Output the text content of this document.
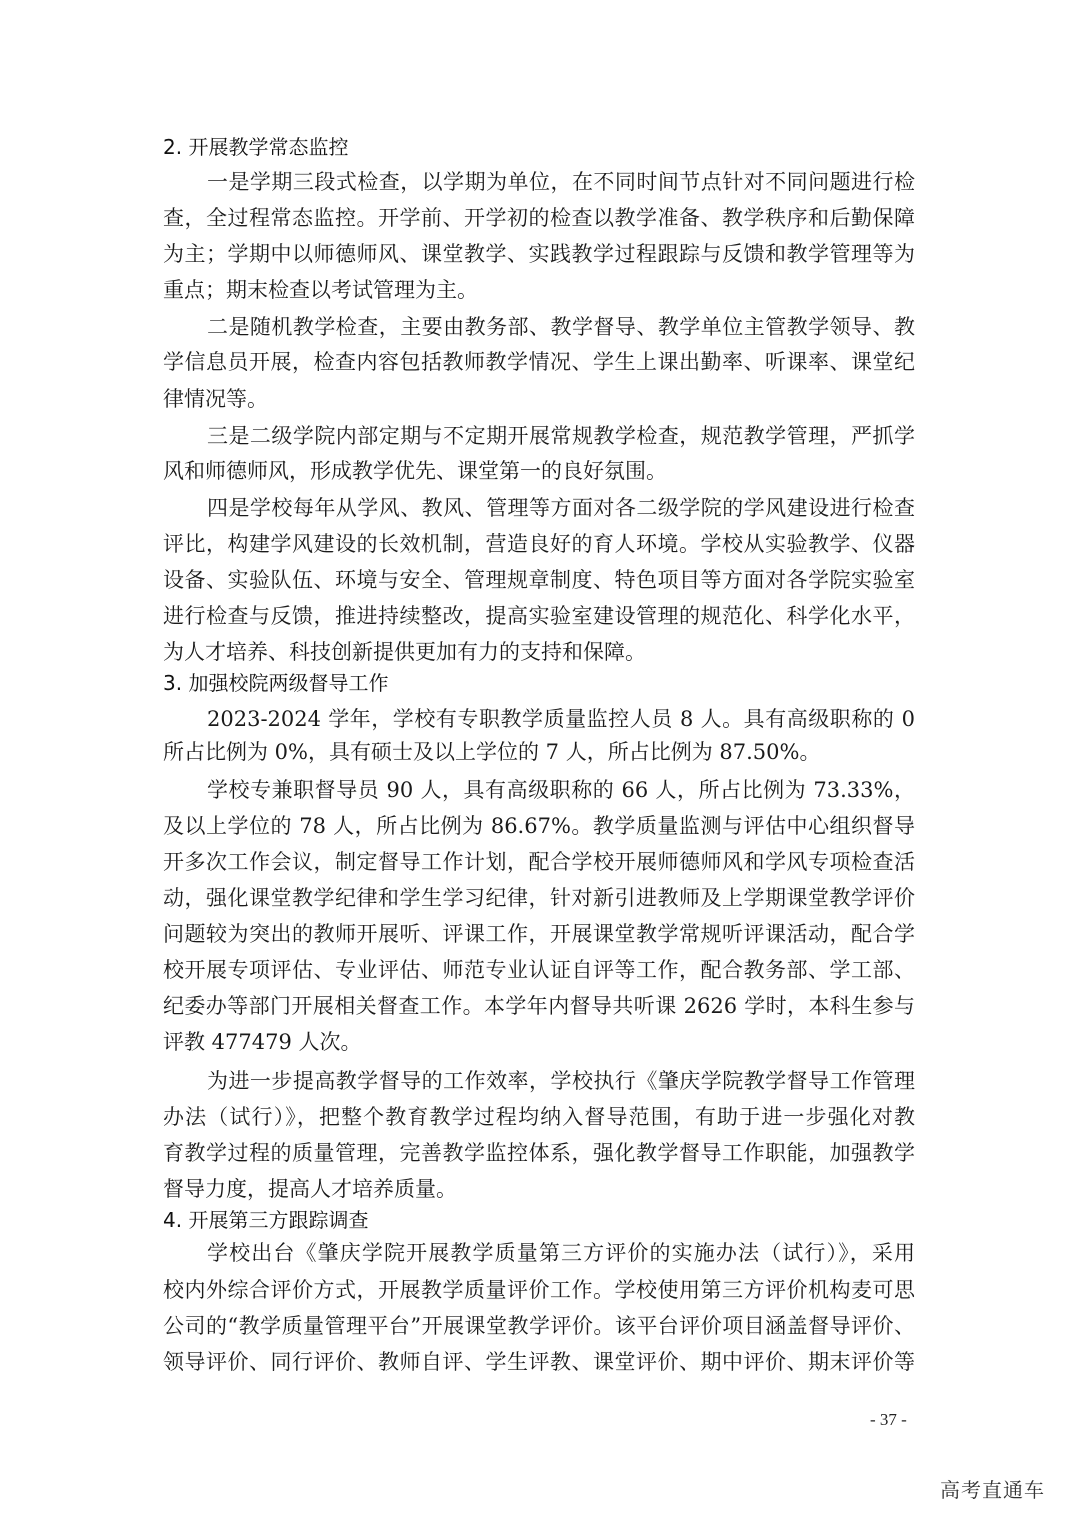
2. 开展教学常态监控
一是学期三段式检查，以学期为单位，在不同时间节点针对不同问题进行检
查，全过程常态监控。开学前、开学初的检查以教学准备、教学秩序和后勤保障
为主；学期中以师德师风、课堂教学、实践教学过程跟踪与反馈和教学管理等为
重点；期末检查以考试管理为主。
二是随机教学检查，主要由教务部、教学督导、教学单位主管教学领导、教
学信息员开展，检查内容包括教师教学情况、学生上课出勤率、听课率、课堂纪
律情况等。
三是二级学院内部定期与不定期开展常规教学检查，规范教学管理，严抓学
风和师德师风，形成教学优先、课堂第一的良好氛围。
四是学校每年从学风、教风、管理等方面对各二级学院的学风建设进行检查
评比，构建学风建设的长效机制，营造良好的育人环境。学校从实验教学、仪器
设备、实验队伍、环境与安全、管理规章制度、特色项目等方面对各学院实验室
进行检查与反馈，推进持续整改，提高实验室建设管理的规范化、科学化水平，
为人才培养、科技创新提供更加有力的支持和保障。
3. 加强校院两级督导工作
2023-2024 学年，学校有专职教学质量监控人员 8 人。具有高级职称的 0
所占比例为 0%，具有硕士及以上学位的 7 人，所占比例为 87.50%。
学校专兼职督导员 90 人，具有高级职称的 66 人，所占比例为 73.33%，
及以上学位的 78 人，所占比例为 86.67%。教学质量监测与评估中心组织督导
开多次工作会议，制定督导工作计划，配合学校开展师德师风和学风专项检查活
动，强化课堂教学纪律和学生学习纪律，针对新引进教师及上学期课堂教学评价
问题较为突出的教师开展听、评课工作，开展课堂教学常规听评课活动，配合学
校开展专项评估、专业评估、师范专业认证自评等工作，配合教务部、学工部、
纪委办等部门开展相关督查工作。本学年内督导共听课 2626 学时，本科生参与
评教 477479 人次。
为进一步提高教学督导的工作效率，学校执行《肇庆学院教学督导工作管理
办法（试行）》，把整个教育教学过程均纳入督导范围，有助于进一步强化对教
育教学过程的质量管理，完善教学监控体系，强化教学督导工作职能，加强教学
督导力度，提高人才培养质量。
4. 开展第三方跟踪调查
学校出台《肇庆学院开展教学质量第三方评价的实施办法（试行）》，采用
校内外综合评价方式，开展教学质量评价工作。学校使用第三方评价机构麦可思
公司的“教学质量管理平台”开展课堂教学评价。该平台评价项目涵盖督导评价、
领导评价、同行评价、教师自评、学生评教、课堂评价、期中评价、期末评价等
- 37 -
高考直通车
